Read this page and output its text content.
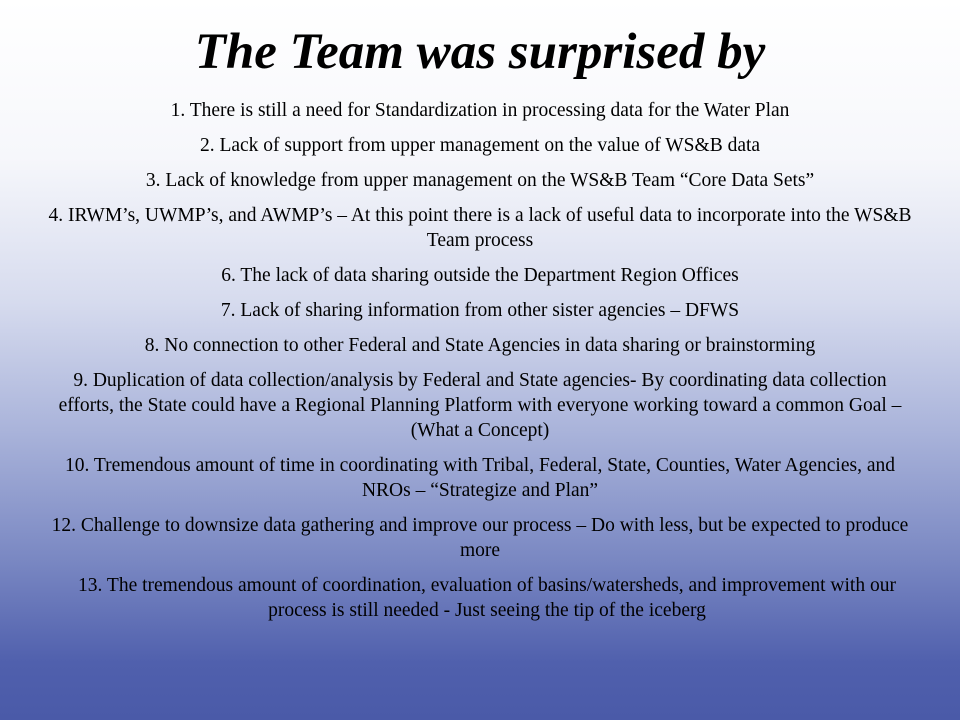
The Team was surprised by
1. There is still a need for Standardization in processing data for the Water Plan
2. Lack of support from upper management on the value of WS&B data
3. Lack of knowledge from upper management on the WS&B Team “Core Data Sets”
4. IRWM’s, UWMP’s, and AWMP’s – At this point there is a lack of useful data to incorporate into the WS&B Team process
6. The lack of data sharing outside the Department Region Offices
7. Lack of sharing information from other sister agencies – DFWS
8. No connection to other Federal and State Agencies in data sharing or brainstorming
9. Duplication of data collection/analysis by Federal and State agencies- By coordinating data collection efforts, the State could have a Regional Planning Platform with everyone working toward a common Goal – (What a Concept)
10. Tremendous amount of time in coordinating with Tribal, Federal, State, Counties, Water Agencies, and NROs – “Strategize and Plan”
12. Challenge to downsize data gathering and improve our process – Do with less, but be expected to produce more
13. The tremendous amount of coordination, evaluation of basins/watersheds, and improvement with our process is still needed - Just seeing the tip of the iceberg
